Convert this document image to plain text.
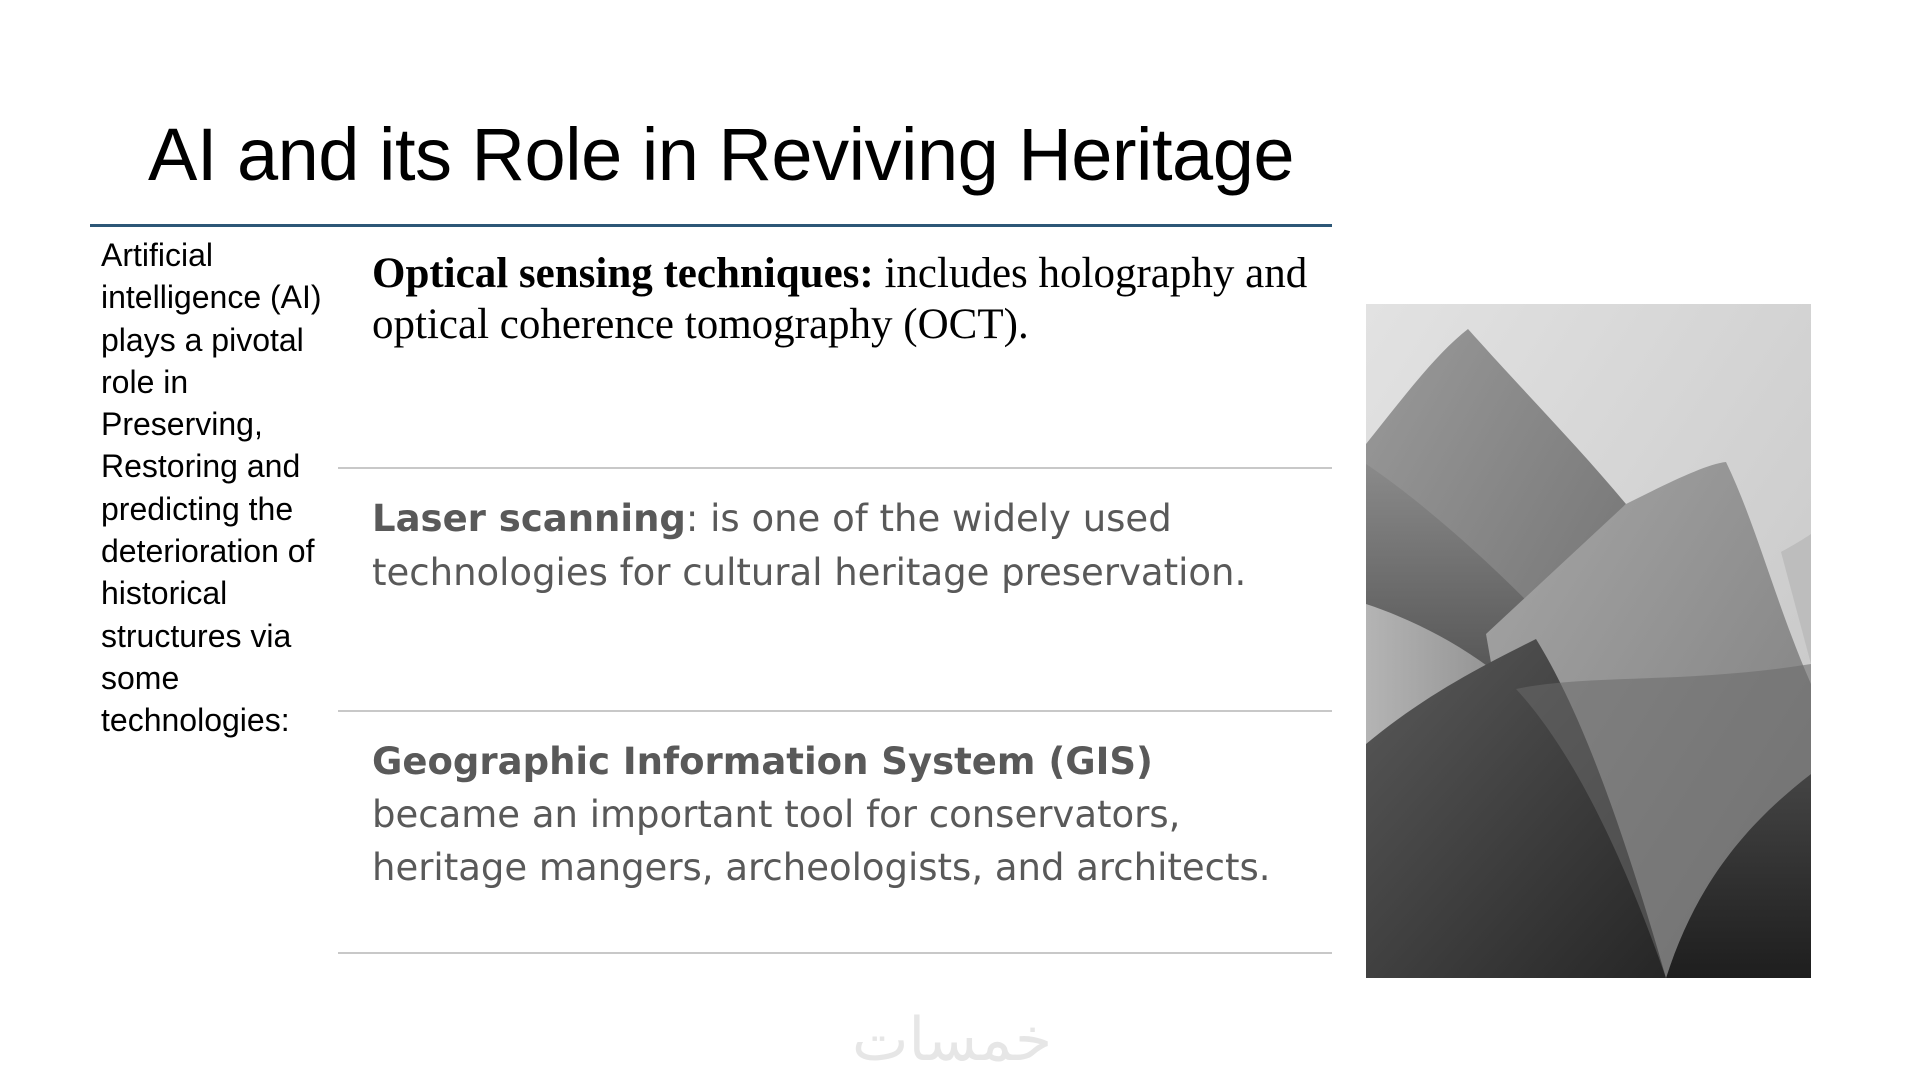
AI and its Role in Reviving Heritage

Artificial intelligence (AI) plays a pivotal role in Preserving, Restoring and predicting the deterioration of historical structures via some technologies:

Optical sensing techniques: includes holography and optical coherence tomography (OCT).

Laser scanning: is one of the widely used technologies for cultural heritage preservation.

Geographic Information System (GIS) became an important tool for conservators, heritage mangers, archeologists, and architects.

خمسات
